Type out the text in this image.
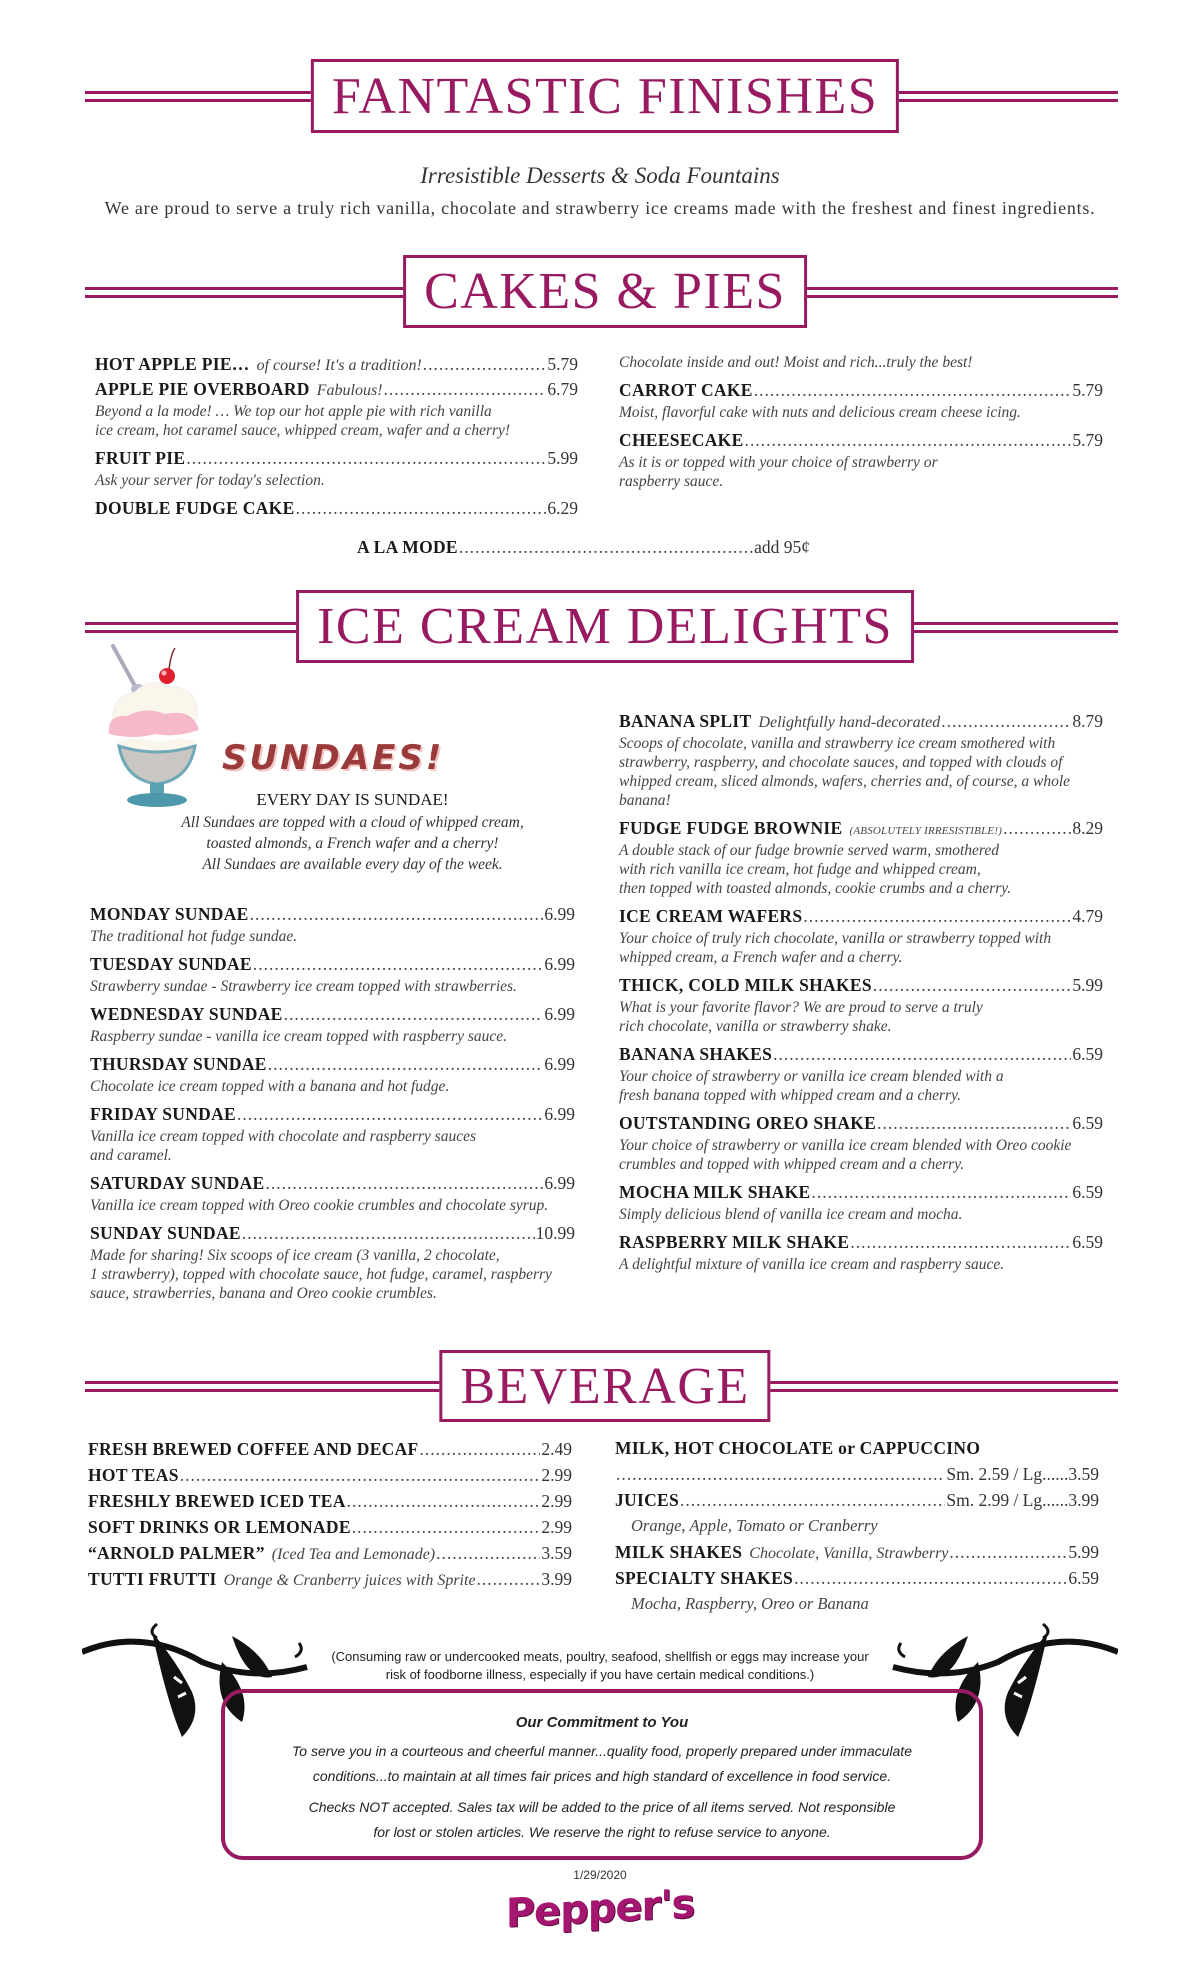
FANTASTIC FINISHES
Irresistible Desserts & Soda Fountains
We are proud to serve a truly rich vanilla, chocolate and strawberry ice creams made with the freshest and finest ingredients.
CAKES & PIES
HOT APPLE PIE… of course! It's a tradition! .....	5.79
APPLE PIE OVERBOARD Fabulous! .....	6.79
Beyond a la mode! … We top our hot apple pie with rich vanilla
ice cream, hot caramel sauce, whipped cream, wafer and a cherry!
FRUIT PIE .....	5.99
Ask your server for today's selection.
DOUBLE FUDGE CAKE .....	6.29
Chocolate inside and out! Moist and rich...truly the best!
CARROT CAKE .....	5.79
Moist, flavorful cake with nuts and delicious cream cheese icing.
CHEESECAKE .....	5.79
As it is or topped with your choice of strawberry or
raspberry sauce.
A LA MODE .....	add 95¢
ICE CREAM DELIGHTS
SUNDAES!
EVERY DAY IS SUNDAE!
All Sundaes are topped with a cloud of whipped cream,
toasted almonds, a French wafer and a cherry!
All Sundaes are available every day of the week.
MONDAY SUNDAE .....	6.99
The traditional hot fudge sundae.
TUESDAY SUNDAE .....	6.99
Strawberry sundae - Strawberry ice cream topped with strawberries.
WEDNESDAY SUNDAE .....	6.99
Raspberry sundae - vanilla ice cream topped with raspberry sauce.
THURSDAY SUNDAE .....	6.99
Chocolate ice cream topped with a banana and hot fudge.
FRIDAY SUNDAE .....	6.99
Vanilla ice cream topped with chocolate and raspberry sauces
and caramel.
SATURDAY SUNDAE .....	6.99
Vanilla ice cream topped with Oreo cookie crumbles and chocolate syrup.
SUNDAY SUNDAE .....	10.99
Made for sharing! Six scoops of ice cream (3 vanilla, 2 chocolate,
1 strawberry), topped with chocolate sauce, hot fudge, caramel, raspberry
sauce, strawberries, banana and Oreo cookie crumbles.
BANANA SPLIT Delightfully hand-decorated .....	8.79
Scoops of chocolate, vanilla and strawberry ice cream smothered with
strawberry, raspberry, and chocolate sauces, and topped with clouds of
whipped cream, sliced almonds, wafers, cherries and, of course, a whole
banana!
FUDGE FUDGE BROWNIE (ABSOLUTELY IRRESISTIBLE!) .....	8.29
A double stack of our fudge brownie served warm, smothered
with rich vanilla ice cream, hot fudge and whipped cream,
then topped with toasted almonds, cookie crumbs and a cherry.
ICE CREAM WAFERS .....	4.79
Your choice of truly rich chocolate, vanilla or strawberry topped with
whipped cream, a French wafer and a cherry.
THICK, COLD MILK SHAKES .....	5.99
What is your favorite flavor? We are proud to serve a truly
rich chocolate, vanilla or strawberry shake.
BANANA SHAKES .....	6.59
Your choice of strawberry or vanilla ice cream blended with a
fresh banana topped with whipped cream and a cherry.
OUTSTANDING OREO SHAKE .....	6.59
Your choice of strawberry or vanilla ice cream blended with Oreo cookie
crumbles and topped with whipped cream and a cherry.
MOCHA MILK SHAKE .....	6.59
Simply delicious blend of vanilla ice cream and mocha.
RASPBERRY MILK SHAKE .....	6.59
A delightful mixture of vanilla ice cream and raspberry sauce.
BEVERAGE
FRESH BREWED COFFEE AND DECAF .....	2.49
HOT TEAS .....	2.99
FRESHLY BREWED ICED TEA .....	2.99
SOFT DRINKS OR LEMONADE .....	2.99
“ARNOLD PALMER” (Iced Tea and Lemonade) .....	3.59
TUTTI FRUTTI Orange & Cranberry juices with Sprite .....	3.99
MILK, HOT CHOCOLATE or CAPPUCCINO
.....
Sm. 2.59 / Lg......3.59
JUICES .....	Sm. 2.99 / Lg......3.99
Orange, Apple, Tomato or Cranberry
MILK SHAKES Chocolate, Vanilla, Strawberry .....	5.99
SPECIALTY SHAKES .....	6.59
Mocha, Raspberry, Oreo or Banana
(Consuming raw or undercooked meats, poultry, seafood, shellfish or eggs may increase your
risk of foodborne illness, especially if you have certain medical conditions.)
Our Commitment to You
To serve you in a courteous and cheerful manner...quality food, properly prepared under immaculate
conditions...to maintain at all times fair prices and high standard of excellence in food service.
Checks NOT accepted. Sales tax will be added to the price of all items served. Not responsible
for lost or stolen articles. We reserve the right to refuse service to anyone.
1/29/2020
Pepper's
